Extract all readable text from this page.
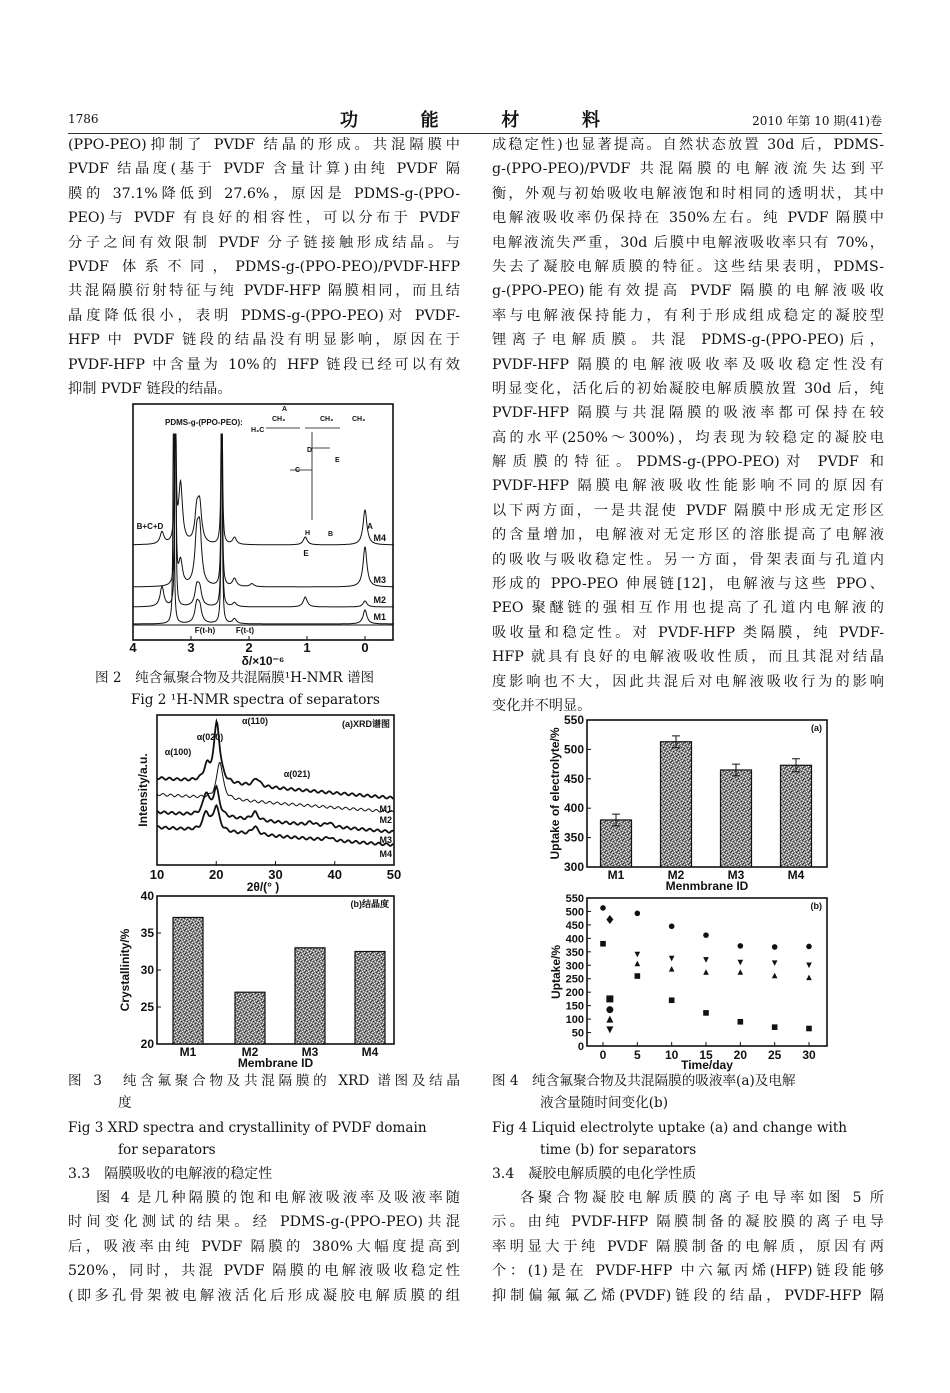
1786	功	能	材	料	2010 年第 10 期(41)卷
(PPO-PEO)抑制了 PVDF 结晶的形成。共混隔膜中
PVDF 结晶度(基于 PVDF 含量计算)由纯 PVDF 隔
膜的 37.1%降低到 27.6%，原因是 PDMS-g-(PPO-
PEO)与 PVDF 有良好的相容性，可以分布于 PVDF
分子之间有效限制 PVDF 分子链接触形成结晶。与
PVDF 体系不同，PDMS-g-(PPO-PEO)/PVDF-HFP
共混隔膜衍射特征与纯 PVDF-HFP 隔膜相同，而且结
晶度降低很小，表明 PDMS-g-(PPO-PEO)对 PVDF-
HFP 中 PVDF 链段的结晶没有明显影响，原因在于
PVDF-HFP 中含量为 10%的 HFP 链段已经可以有效
抑制 PVDF 链段的结晶。
成稳定性)也显著提高。自然状态放置 30d 后，PDMS-
g-(PPO-PEO)/PVDF 共混隔膜的电解液流失达到平
衡，外观与初始吸收电解液饱和时相同的透明状，其中
电解液吸收率仍保持在 350%左右。纯 PVDF 隔膜中
电解液流失严重，30d 后膜中电解液吸收率只有 70%，
失去了凝胶电解质膜的特征。这些结果表明，PDMS-
g-(PPO-PEO)能有效提高 PVDF 隔膜的电解液吸收
率与电解液保持能力，有利于形成组成稳定的凝胶型
锂离子电解质膜。共混 PDMS-g-(PPO-PEO)后，
PVDF-HFP 隔膜的电解液吸收率及吸收稳定性没有
明显变化，活化后的初始凝胶电解质膜放置 30d 后，纯
PVDF-HFP 隔膜与共混隔膜的吸液率都可保持在较
高的水平(250%～300%)，均表现为较稳定的凝胶电
解质膜的特征。PDMS-g-(PPO-PEO)对 PVDF 和
PVDF-HFP 隔膜电解液吸收性能影响不同的原因有
以下两方面，一是共混使 PVDF 隔膜中形成无定形区
的含量增加，电解液对无定形区的溶胀提高了电解液
的吸收与吸收稳定性。另一方面，骨架表面与孔道内
形成的 PPO-PEO 伸展链[12]，电解液与这些 PPO、
PEO 聚醚链的强相互作用也提高了孔道内电解液的
吸收量和稳定性。对 PVDF-HFP 类隔膜，纯 PVDF-
HFP 就具有良好的电解液吸收性质，而且其混对结晶
度影响也不大，因此共混后对电解液吸收行为的影响
变化并不明显。
图 2　纯含氟聚合物及共混隔膜¹H-NMR 谱图
Fig 2 ¹H-NMR spectra of separators
图 3　纯含氟聚合物及共混隔膜的 XRD 谱图及结晶
度
Fig 3 XRD spectra and crystallinity of PVDF domain
for separators
图 4　纯含氟聚合物及共混隔膜的吸液率(a)及电解
液含量随时间变化(b)
Fig 4 Liquid electrolyte uptake (a) and change with
time (b) for separators
3.3　隔膜吸收的电解液的稳定性
图 4 是几种隔膜的饱和电解液吸液率及吸液率随
时间变化测试的结果。经 PDMS-g-(PPO-PEO)共混
后，吸液率由纯 PVDF 隔膜的 380%大幅度提高到
520%，同时，共混 PVDF 隔膜的电解液吸收稳定性
(即多孔骨架被电解液活化后形成凝胶电解质膜的组
3.4　凝胶电解质膜的电化学性质
各聚合物凝胶电解质膜的离子电导率如图 5 所
示。由纯 PVDF-HFP 隔膜制备的凝胶膜的离子电导
率明显大于纯 PVDF 隔膜制备的电解质，原因有两
个：(1)是在 PVDF-HFP 中六氟丙烯(HFP)链段能够
抑制偏氟氟乙烯(PVDF)链段的结晶，PVDF-HFP 隔
4	3	2	1	0
δ/×10⁻⁶
M4
M3
M2
M1
PDMS-g-(PPO-PEO):
A
H₃C
CH₃	CH₃	CH₃
D
E
B
C
H
B+C+D	A
E
F(t-h)	F(t-t)
10	20	30	40	50
2θ/(° )
Intensity/a.u.
(a)XRD谱图
M1
M2
M3
M4
α(110)
α(020)
α(100)
α(021)
20
25
30
35
40
M1	M2	M3	M4
Membrane ID
Crystallinity/%
(b)结晶度
300
350
400
450
500
550
M1	M2	M3	M4
Menmbrane ID
Uptake of electrolyte/%	(a)
0
50
100
150
200
250
300
350
400
450
500
550
0 5 10 15 20 25 30
Time/day
Uptake/%
(b)
